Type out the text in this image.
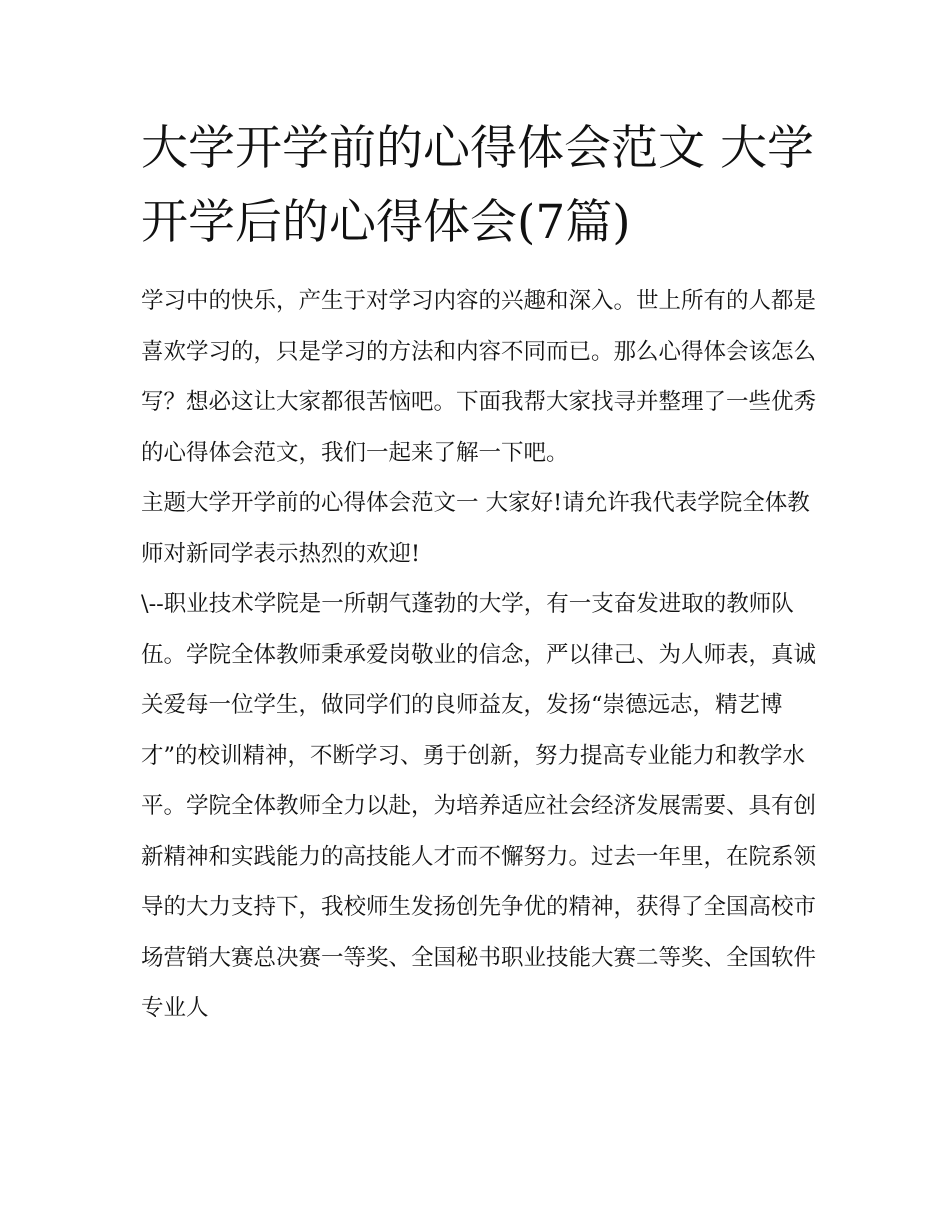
大学开学前的心得体会范文 大学开学后的心得体会(7篇)

学习中的快乐，产生于对学习内容的兴趣和深入。世上所有的人都是喜欢学习的，只是学习的方法和内容不同而已。那么心得体会该怎么写？想必这让大家都很苦恼吧。下面我帮大家找寻并整理了一些优秀的心得体会范文，我们一起来了解一下吧。

主题大学开学前的心得体会范文一 大家好!请允许我代表学院全体教师对新同学表示热烈的欢迎!

\--职业技术学院是一所朝气蓬勃的大学，有一支奋发进取的教师队伍。学院全体教师秉承爱岗敬业的信念，严以律己、为人师表，真诚关爱每一位学生，做同学们的良师益友，发扬“崇德远志，精艺博才”的校训精神，不断学习、勇于创新，努力提高专业能力和教学水平。学院全体教师全力以赴，为培养适应社会经济发展需要、具有创新精神和实践能力的高技能人才而不懈努力。过去一年里，在院系领导的大力支持下，我校师生发扬创先争优的精神，获得了全国高校市场营销大赛总决赛一等奖、全国秘书职业技能大赛二等奖、全国软件专业人
